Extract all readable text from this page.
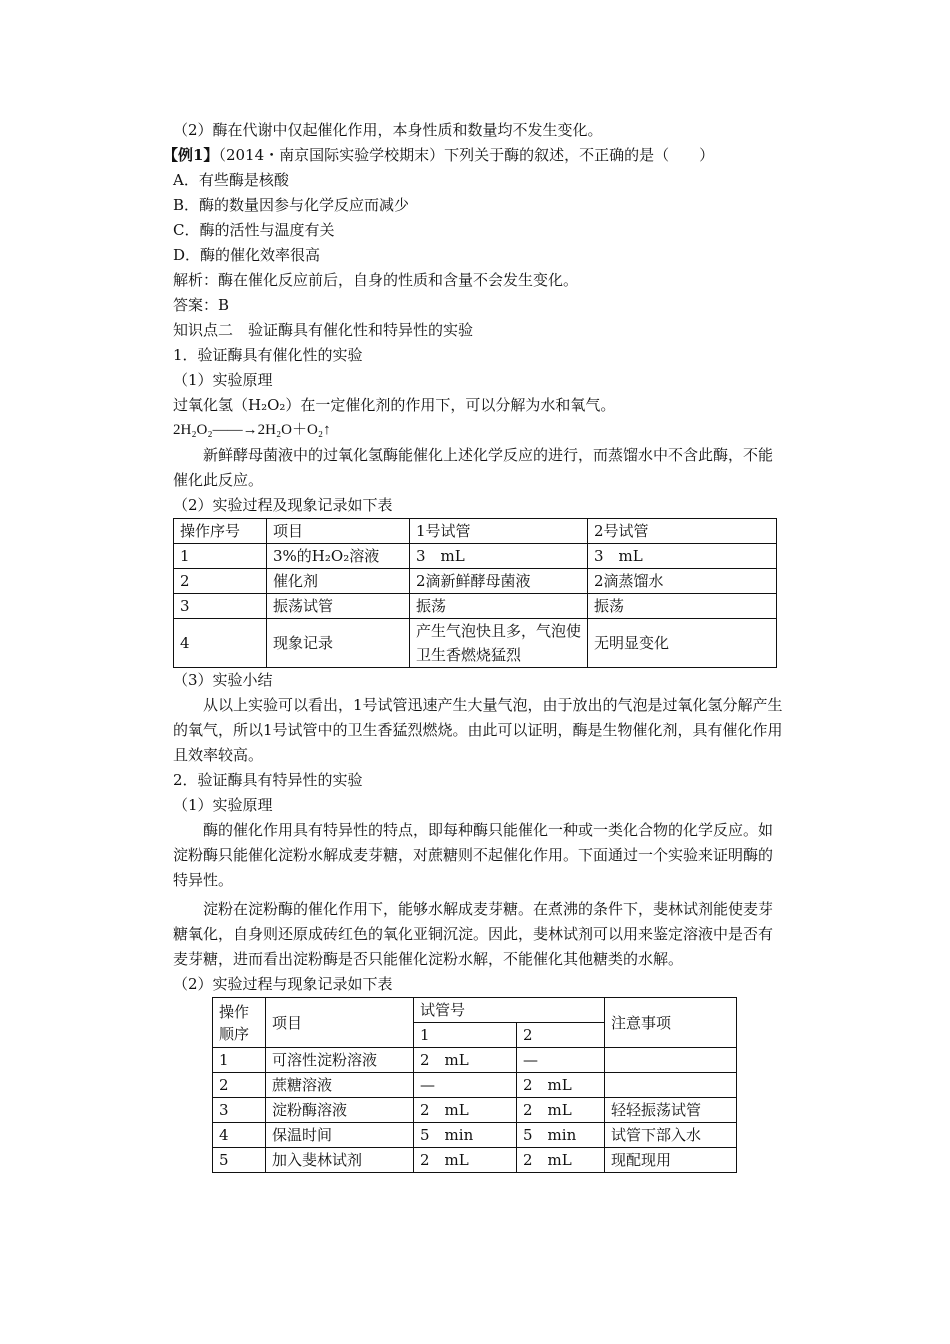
（2）酶在代谢中仅起催化作用，本身性质和数量均不发生变化。

【例1】（2014・南京国际实验学校期末）下列关于酶的叙述，不正确的是（　　）

A．有些酶是核酸

B．酶的数量因参与化学反应而减少

C．酶的活性与温度有关

D．酶的催化效率很高

解析：酶在催化反应前后，自身的性质和含量不会发生变化。

答案：B

知识点二　验证酶具有催化性和特异性的实验

1．验证酶具有催化性的实验

（1）实验原理

过氧化氢（H₂O₂）在一定催化剂的作用下，可以分解为水和氧气。

2H₂O₂——→2H₂O＋O₂↑

新鲜酵母菌液中的过氧化氢酶能催化上述化学反应的进行，而蒸馏水中不含此酶，不能催化此反应。

（2）实验过程及现象记录如下表

操作序号	项目	1号试管	2号试管
1	3%的H₂O₂溶液	3　mL	3　mL
2	催化剂	2滴新鲜酵母菌液	2滴蒸馏水
3	振荡试管	振荡	振荡
4	现象记录	产生气泡快且多，气泡使卫生香燃烧猛烈	无明显变化

（3）实验小结

从以上实验可以看出，1号试管迅速产生大量气泡，由于放出的气泡是过氧化氢分解产生的氧气，所以1号试管中的卫生香猛烈燃烧。由此可以证明，酶是生物催化剂，具有催化作用且效率较高。

2．验证酶具有特异性的实验

（1）实验原理

酶的催化作用具有特异性的特点，即每种酶只能催化一种或一类化合物的化学反应。如淀粉酶只能催化淀粉水解成麦芽糖，对蔗糖则不起催化作用。下面通过一个实验来证明酶的特异性。

淀粉在淀粉酶的催化作用下，能够水解成麦芽糖。在煮沸的条件下，斐林试剂能使麦芽糖氧化，自身则还原成砖红色的氧化亚铜沉淀。因此，斐林试剂可以用来鉴定溶液中是否有麦芽糖，进而看出淀粉酶是否只能催化淀粉水解，不能催化其他糖类的水解。

（2）实验过程与现象记录如下表

操作顺序	项目	试管号		注意事项
		1	2	
1	可溶性淀粉溶液	2　mL	—	
2	蔗糖溶液	—	2　mL	
3	淀粉酶溶液	2　mL	2　mL	轻轻振荡试管
4	保温时间	5　min	5　min	试管下部入水
5	加入斐林试剂	2　mL	2　mL	现配现用
